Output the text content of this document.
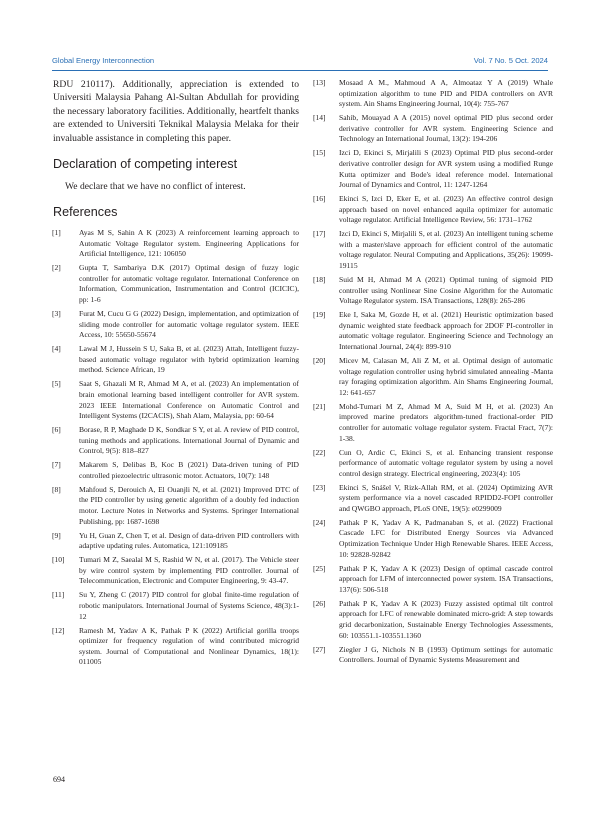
Global Energy Interconnection	Vol. 7 No. 5 Oct. 2024

RDU 210117). Additionally, appreciation is extended to Universiti Malaysia Pahang Al-Sultan Abdullah for providing the necessary laboratory facilities. Additionally, heartfelt thanks are extended to Universiti Teknikal Malaysia Melaka for their invaluable assistance in completing this paper.

Declaration of competing interest

We declare that we have no conflict of interest.

References
[1] Ayas M S, Sahin A K (2023) A reinforcement learning approach to Automatic Voltage Regulator system. Engineering Applications for Artificial Intelligence, 121: 106050
[2] Gupta T, Sambariya D.K (2017) Optimal design of fuzzy logic controller for automatic voltage regulator. International Conference on Information, Communication, Instrumentation and Control (ICICIC), pp: 1-6
[3] Furat M, Cucu G G (2022) Design, implementation, and optimization of sliding mode controller for automatic voltage regulator system. IEEE Access, 10: 55650-55674
[4] Lawal M J, Hussein S U, Saka B, et al. (2023) Attah, Intelligent fuzzy-based automatic voltage regulator with hybrid optimization learning method. Science African, 19
[5] Saat S, Ghazali M R, Ahmad M A, et al. (2023) An implementation of brain emotional learning based intelligent controller for AVR system. 2023 IEEE International Conference on Automatic Control and Intelligent Systems (I2CACIS), Shah Alam, Malaysia, pp: 60-64
[6] Borase, R P, Maghade D K, Sondkar S Y, et al. A review of PID control, tuning methods and applications. International Journal of Dynamic and Control, 9(5): 818–827
[7] Makarem S, Delibas B, Koc B (2021) Data-driven tuning of PID controlled piezoelectric ultrasonic motor. Actuators, 10(7): 148
[8] Mahfoud S, Derouich A, El Ouanjli N, et al. (2021) Improved DTC of the PID controller by using genetic algorithm of a doubly fed induction motor. Lecture Notes in Networks and Systems. Springer International Publishing, pp: 1687-1698
[9] Yu H, Guan Z, Chen T, et al. Design of data-driven PID controllers with adaptive updating rules. Automatica, 121:109185
[10] Tumari M Z, Saealal M S, Rashid W N, et al. (2017). The Vehicle steer by wire control system by implementing PID controller. Journal of Telecommunication, Electronic and Computer Engineering, 9: 43-47.
[11] Su Y, Zheng C (2017) PID control for global finite-time regulation of robotic manipulators. International Journal of Systems Science, 48(3):1-12
[12] Ramesh M, Yadav A K, Pathak P K (2022) Artificial gorilla troops optimizer for frequency regulation of wind contributed microgrid system. Journal of Computational and Nonlinear Dynamics, 18(1): 011005
[13] Mosaad A M., Mahmoud A A, Almoataz Y A (2019) Whale optimization algorithm to tune PID and PIDA controllers on AVR system. Ain Shams Engineering Journal, 10(4): 755-767
[14] Sahib, Mouayad A A (2015) novel optimal PID plus second order derivative controller for AVR system. Engineering Science and Technology an International Journal, 13(2): 194-206
[15] Izci D, Ekinci S, Mirjalili S (2023) Optimal PID plus second-order derivative controller design for AVR system using a modified Runge Kutta optimizer and Bode's ideal reference model. International Journal of Dynamics and Control, 11: 1247-1264
[16] Ekinci S, Izci D, Eker E, et al. (2023) An effective control design approach based on novel enhanced aquila optimizer for automatic voltage regulator. Artificial Intelligence Review, 56: 1731–1762
[17] Izci D, Ekinci S, Mirjalili S, et al. (2023) An intelligent tuning scheme with a master/slave approach for efficient control of the automatic voltage regulator. Neural Computing and Applications, 35(26): 19099-19115
[18] Suid M H, Ahmad M A (2021) Optimal tuning of sigmoid PID controller using Nonlinear Sine Cosine Algorithm for the Automatic Voltage Regulator system. ISA Transactions, 128(8): 265-286
[19] Eke I, Saka M, Gozde H, et al. (2021) Heuristic optimization based dynamic weighted state feedback approach for 2DOF PI-controller in automatic voltage regulator. Engineering Science and Technology an International Journal, 24(4): 899-910
[20] Micev M, Calasan M, Ali Z M, et al. Optimal design of automatic voltage regulation controller using hybrid simulated annealing -Manta ray foraging optimization algorithm. Ain Shams Engineering Journal, 12: 641-657
[21] Mohd-Tumari M Z, Ahmad M A, Suid M H, et al. (2023) An improved marine predators algorithm-tuned fractional-order PID controller for automatic voltage regulator system. Fractal Fract, 7(7): 1-38.
[22] Cun O, Ardic C, Ekinci S, et al. Enhancing transient response performance of automatic voltage regulator system by using a novel control design strategy. Electrical engineering, 2023(4): 105
[23] Ekinci S, Snášel V, Rizk-Allah RM, et al. (2024) Optimizing AVR system performance via a novel cascaded RPIDD2-FOPI controller and QWGBO approach, PLoS ONE, 19(5): e0299009
[24] Pathak P K, Yadav A K, Padmanaban S, et al. (2022) Fractional Cascade LFC for Distributed Energy Sources via Advanced Optimization Technique Under High Renewable Shares. IEEE Access, 10: 92828-92842
[25] Pathak P K, Yadav A K (2023) Design of optimal cascade control approach for LFM of interconnected power system. ISA Transactions, 137(6): 506-518
[26] Pathak P K, Yadav A K (2023) Fuzzy assisted optimal tilt control approach for LFC of renewable dominated micro-grid: A step towards grid decarbonization, Sustainable Energy Technologies Assessments, 60: 103551.1-103551.1360
[27] Ziegler J G, Nichols N B (1993) Optimum settings for automatic Controllers. Journal of Dynamic Systems Measurement and
694
